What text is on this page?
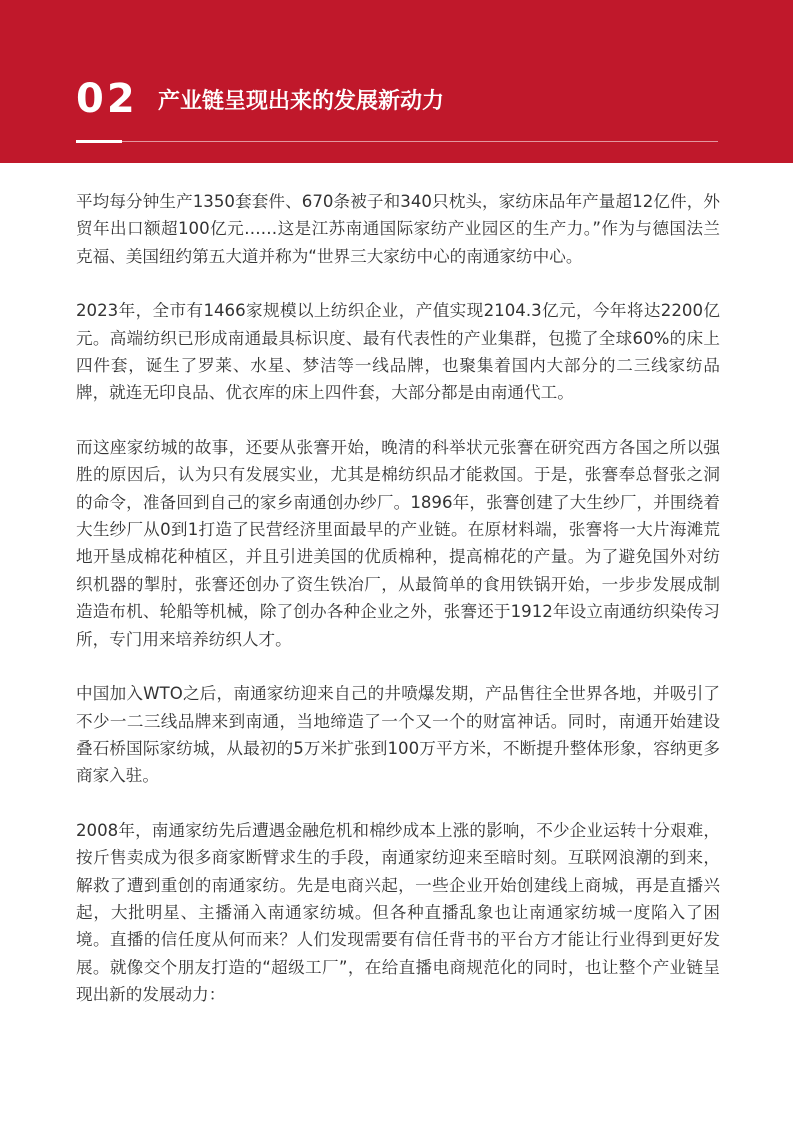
02 产业链呈现出来的发展新动力

平均每分钟生产1350套套件、670条被子和340只枕头，家纺床品年产量超12亿件，外贸年出口额超100亿元……这是江苏南通国际家纺产业园区的生产力。”作为与德国法兰克福、美国纽约第五大道并称为“世界三大家纺中心的南通家纺中心。

2023年，全市有1466家规模以上纺织企业，产值实现2104.3亿元，今年将达2200亿元。高端纺织已形成南通最具标识度、最有代表性的产业集群，包揽了全球60%的床上四件套，诞生了罗莱、水星、梦洁等一线品牌，也聚集着国内大部分的二三线家纺品牌，就连无印良品、优衣库的床上四件套，大部分都是由南通代工。

而这座家纺城的故事，还要从张謇开始，晚清的科举状元张謇在研究西方各国之所以强胜的原因后，认为只有发展实业，尤其是棉纺织品才能救国。于是，张謇奉总督张之洞的命令，准备回到自己的家乡南通创办纱厂。1896年，张謇创建了大生纱厂，并围绕着大生纱厂从0到1打造了民营经济里面最早的产业链。在原材料端，张謇将一大片海滩荒地开垦成棉花种植区，并且引进美国的优质棉种，提高棉花的产量。为了避免国外对纺织机器的掣肘，张謇还创办了资生铁冶厂，从最简单的食用铁锅开始，一步步发展成制造造布机、轮船等机械，除了创办各种企业之外，张謇还于1912年设立南通纺织染传习所，专门用来培养纺织人才。

中国加入WTO之后，南通家纺迎来自己的井喷爆发期，产品售往全世界各地，并吸引了不少一二三线品牌来到南通，当地缔造了一个又一个的财富神话。同时，南通开始建设叠石桥国际家纺城，从最初的5万米扩张到100万平方米，不断提升整体形象，容纳更多商家入驻。

2008年，南通家纺先后遭遇金融危机和棉纱成本上涨的影响，不少企业运转十分艰难，按斤售卖成为很多商家断臂求生的手段，南通家纺迎来至暗时刻。互联网浪潮的到来，解救了遭到重创的南通家纺。先是电商兴起，一些企业开始创建线上商城，再是直播兴起，大批明星、主播涌入南通家纺城。但各种直播乱象也让南通家纺城一度陷入了困境。直播的信任度从何而来？人们发现需要有信任背书的平台方才能让行业得到更好发展。就像交个朋友打造的“超级工厂”，在给直播电商规范化的同时，也让整个产业链呈现出新的发展动力：
